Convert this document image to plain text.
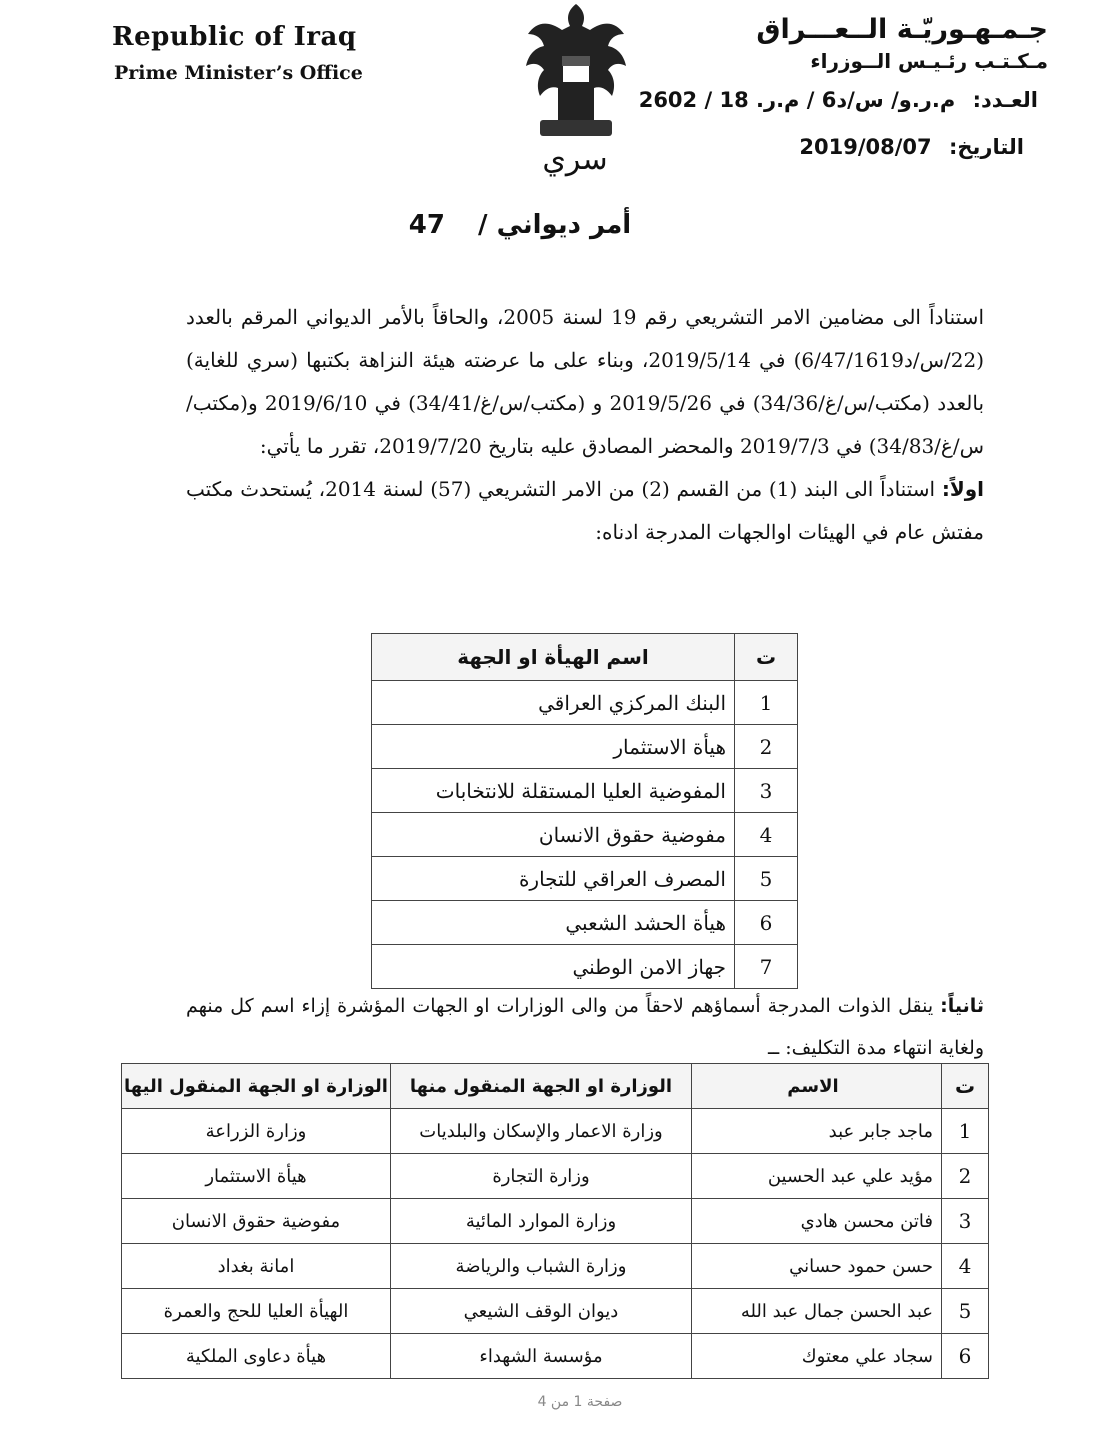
Republic of Iraq
Prime Minister’s Office
سري
جـمـهـوريّـة الــعـــراق
مـكـتـب رئـيـس الــوزراء
العـدد: م.ر.و/ س/د6 / م.ر. 18 / 2602
التاريخ: 2019/08/07
أمر ديواني / 47
استناداً الى مضامين الامر التشريعي رقم 19 لسنة 2005، والحاقاً بالأمر الديواني المرقم بالعدد (22/س/د6/47/1619) في 2019/5/14، وبناء على ما عرضته هيئة النزاهة بكتبها (سري للغاية) بالعدد (مكتب/س/غ/34/36) في 2019/5/26 و (مكتب/س/غ/34/41) في 2019/6/10 و(مكتب/س/غ/34/83) في 2019/7/3 والمحضر المصادق عليه بتاريخ 2019/7/20، تقرر ما يأتي:
اولاً: استناداً الى البند (1) من القسم (2) من الامر التشريعي (57) لسنة 2014، يُستحدث مكتب مفتش عام في الهيئات اوالجهات المدرجة ادناه:
ت	اسم الهيأة او الجهة
1	البنك المركزي العراقي
2	هيأة الاستثمار
3	المفوضية العليا المستقلة للانتخابات
4	مفوضية حقوق الانسان
5	المصرف العراقي للتجارة
6	هيأة الحشد الشعبي
7	جهاز الامن الوطني
ثانياً: ينقل الذوات المدرجة أسماؤهم لاحقاً من والى الوزارات او الجهات المؤشرة إزاء اسم كل منهم ولغاية انتهاء مدة التكليف: ــ
ت	الاسم	الوزارة او الجهة المنقول منها	الوزارة او الجهة المنقول اليها
1	ماجد جابر عبد	وزارة الاعمار والإسكان والبلديات	وزارة الزراعة
2	مؤيد علي عبد الحسين	وزارة التجارة	هيأة الاستثمار
3	فاتن محسن هادي	وزارة الموارد المائية	مفوضية حقوق الانسان
4	حسن حمود حساني	وزارة الشباب والرياضة	امانة بغداد
5	عبد الحسن جمال عبد الله	ديوان الوقف الشيعي	الهيأة العليا للحج والعمرة
6	سجاد علي معتوك	مؤسسة الشهداء	هيأة دعاوى الملكية
صفحة 1 من 4
